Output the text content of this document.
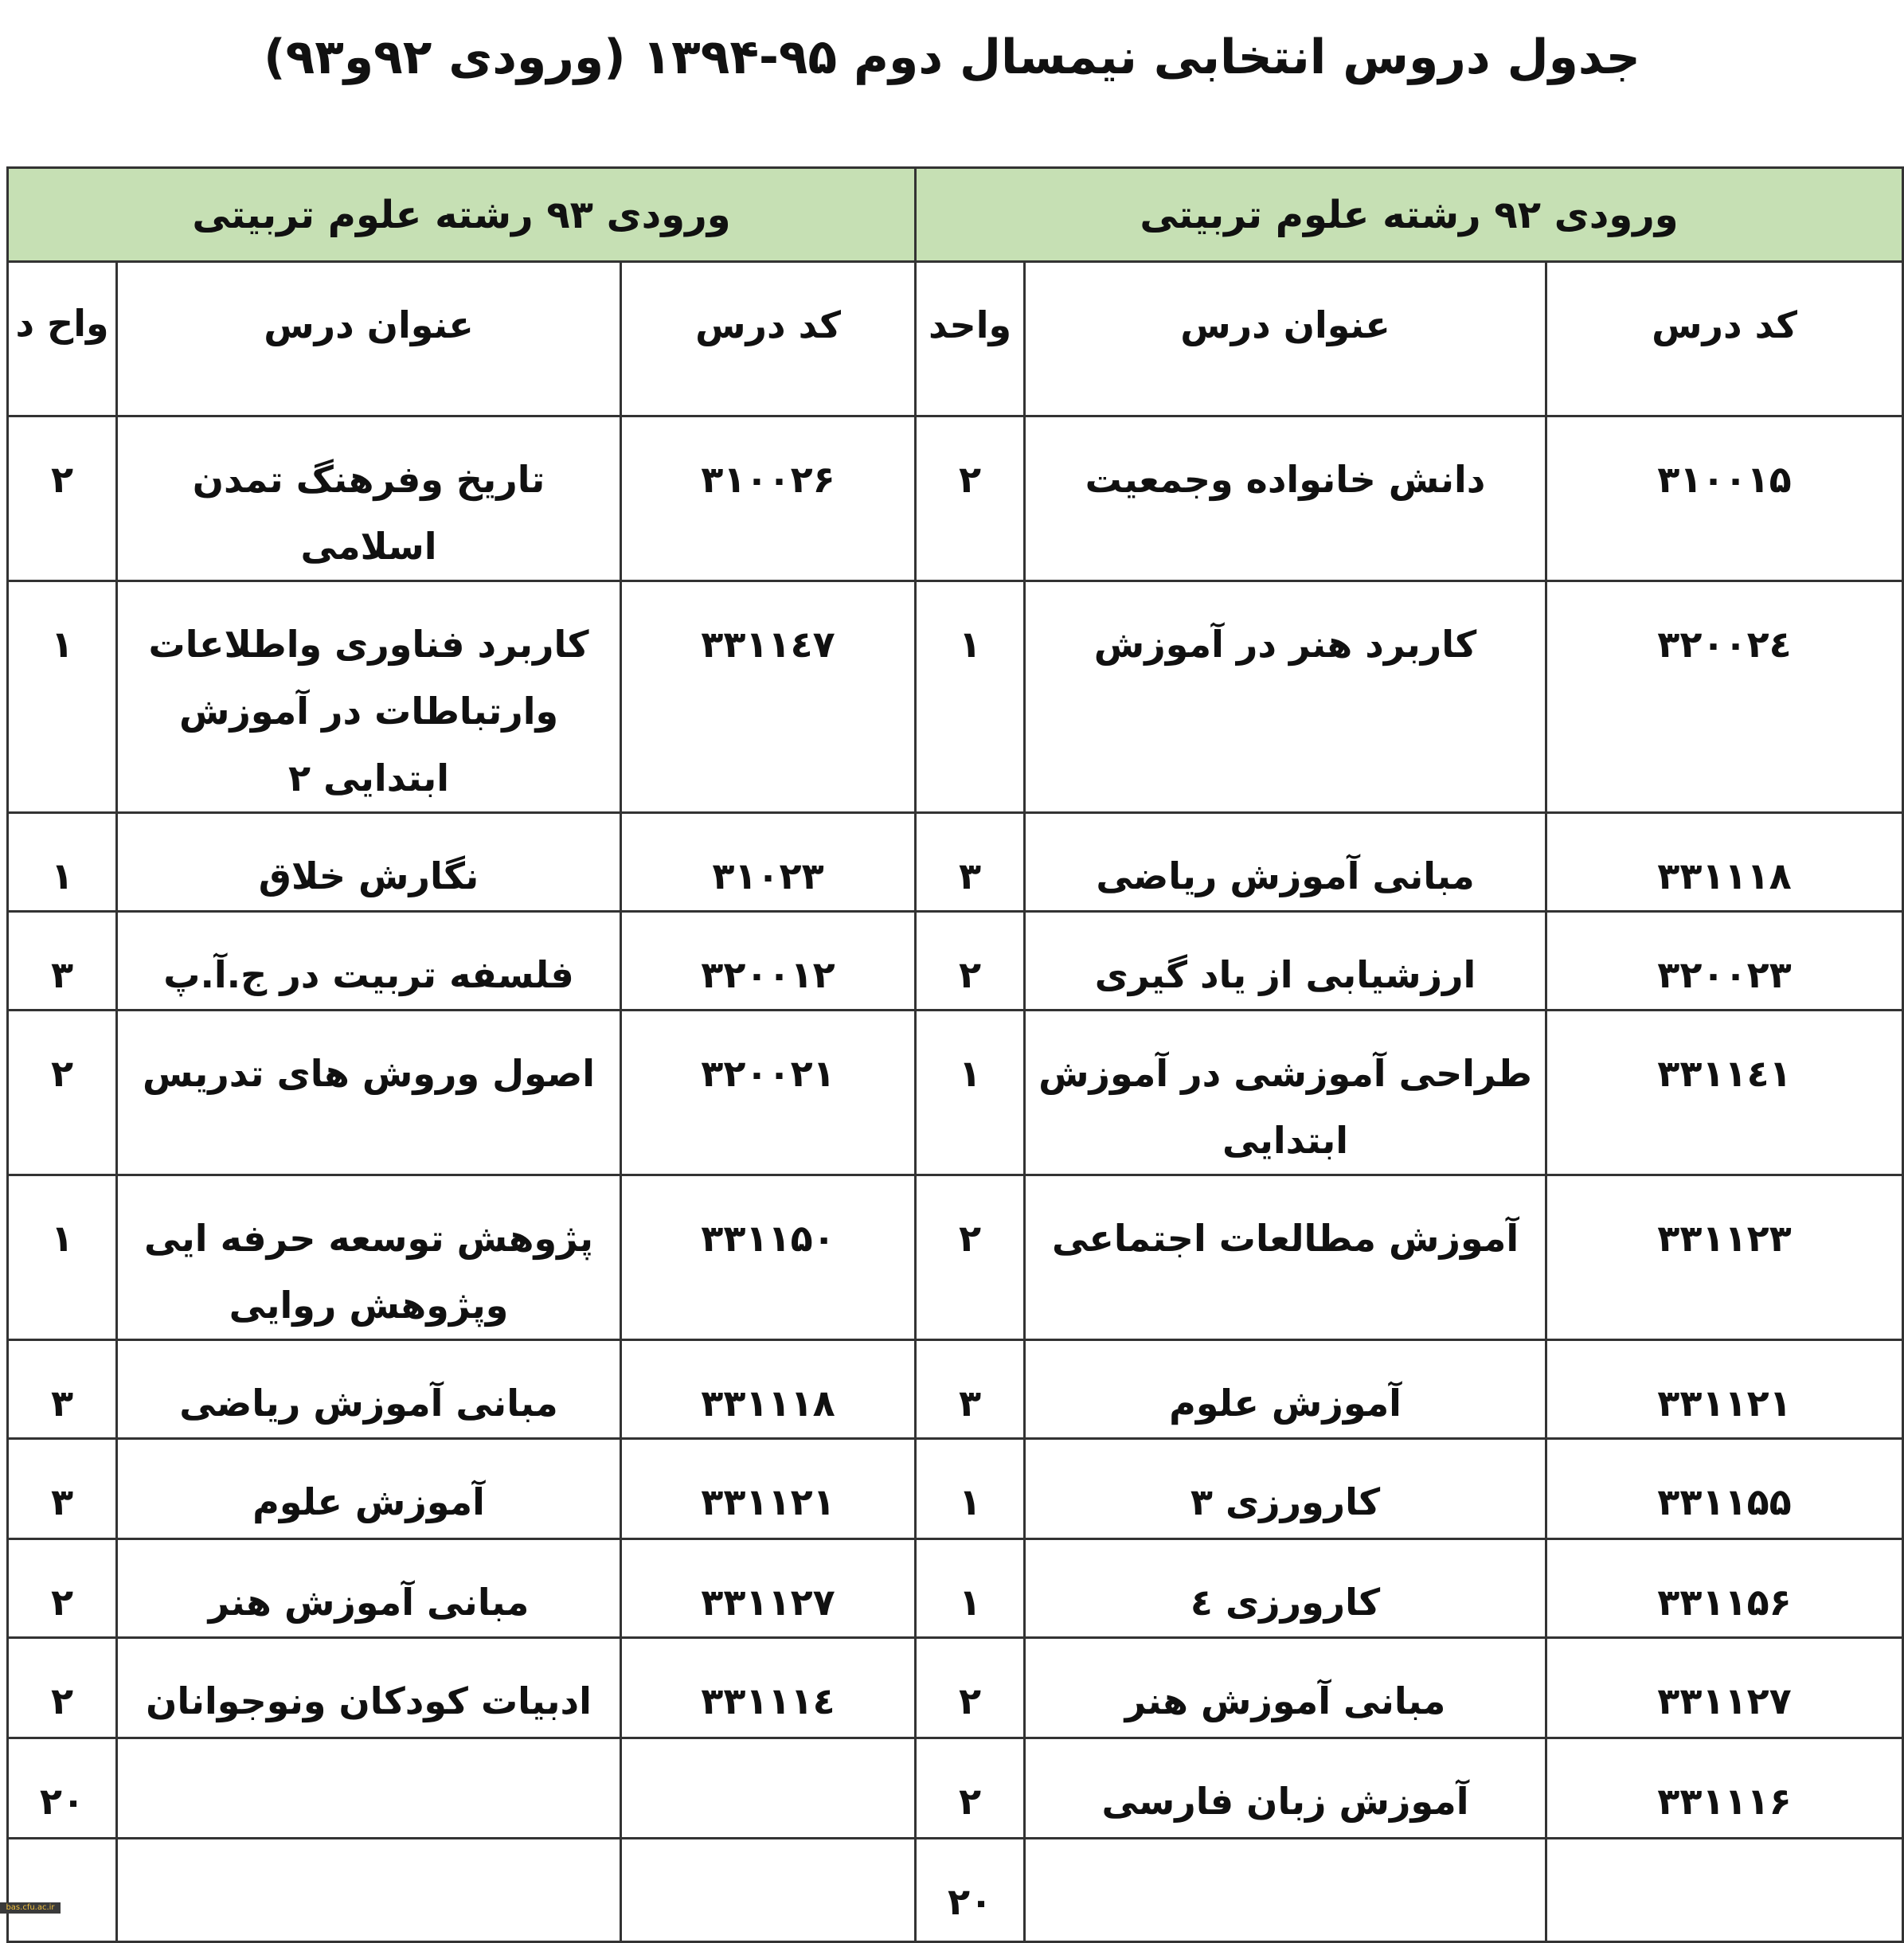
جدول دروس انتخابی نیمسال دوم ۹۵-۱۳۹۴ (ورودی ۹۲و۹۳)
ورودی ۹۲ رشته علوم تربیتی			ورودی ۹۳ رشته علوم تربیتی		
کد درس	عنوان درس	واحد	کد درس	عنوان درس	واح د
۳۱۰۰۱۵	دانش خانواده وجمعیت	۲	۳۱۰۰۲۶	تاریخ وفرهنگ تمدن اسلامی	۲
۳۲۰۰۲٤	کاربرد هنر در آموزش	۱	۳۳۱۱٤۷	کاربرد فناوری واطلاعات وارتباطات در آموزش ابتدایی ۲	۱
۳۳۱۱۱۸	مبانی آموزش ریاضی	۳	۳۱۰۲۳	نگارش خلاق	۱
۳۲۰۰۲۳	ارزشیابی از یاد گیری	۲	۳۲۰۰۱۲	فلسفه تربیت در ج.آ.پ	۳
۳۳۱۱٤۱	طراحی آموزشی در آموزش ابتدایی	۱	۳۲۰۰۲۱	اصول وروش های تدریس	۲
۳۳۱۱۲۳	آموزش مطالعات اجتماعی	۲	۳۳۱۱۵۰	پژوهش توسعه حرفه ایی وپژوهش روایی	۱
۳۳۱۱۲۱	آموزش علوم	۳	۳۳۱۱۱۸	مبانی آموزش ریاضی	۳
۳۳۱۱۵۵	کارورزی ۳	۱	۳۳۱۱۲۱	آموزش علوم	۳
۳۳۱۱۵۶	کارورزی ٤	۱	۳۳۱۱۲۷	مبانی آموزش هنر	۲
۳۳۱۱۲۷	مبانی آموزش هنر	۲	۳۳۱۱۱٤	ادبیات کودکان ونوجوانان	۲
۳۳۱۱۱۶	آموزش زبان فارسی	۲			۲۰
		۲۰			
bas.cfu.ac.ir
